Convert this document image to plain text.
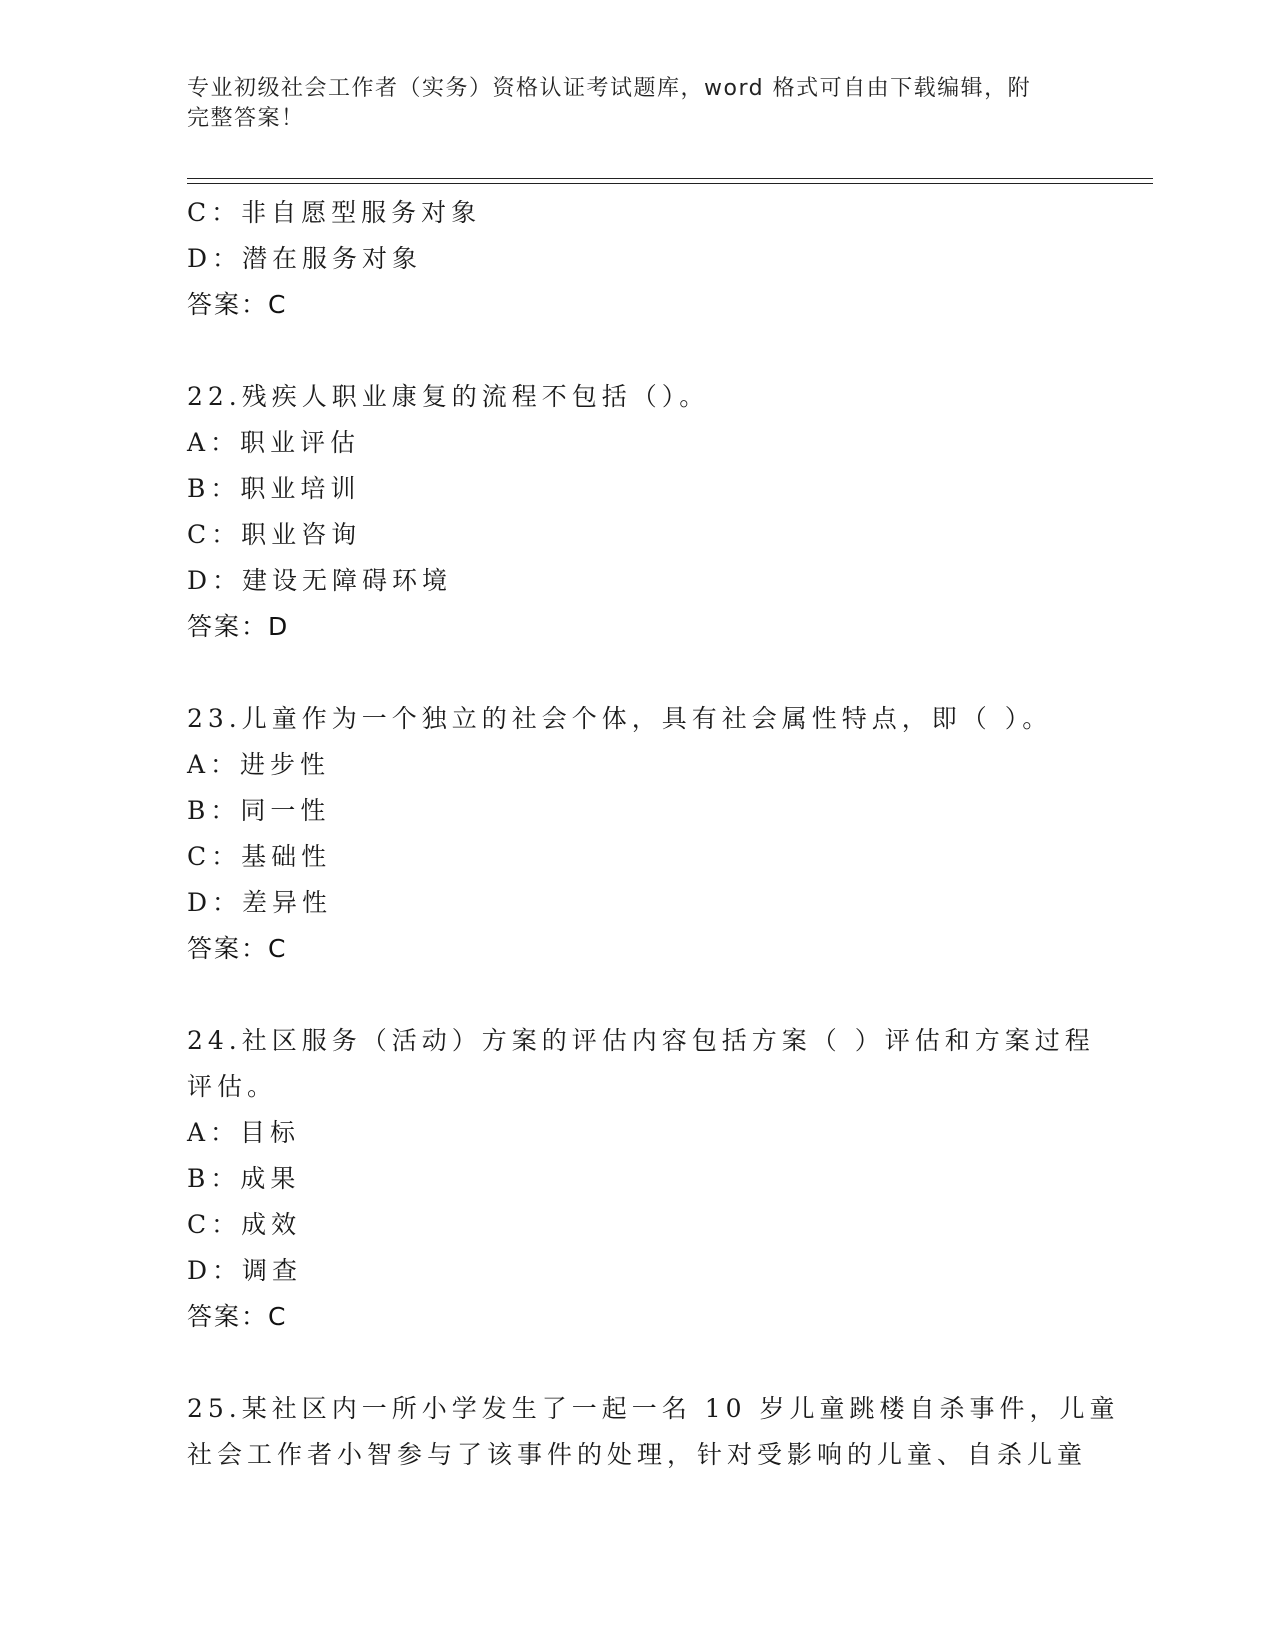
专业初级社会工作者（实务）资格认证考试题库，word 格式可自由下载编辑，附
完整答案！
C：非自愿型服务对象
D：潜在服务对象
答案：C
22.残疾人职业康复的流程不包括（）。
A：职业评估
B：职业培训
C：职业咨询
D：建设无障碍环境
答案：D
23.儿童作为一个独立的社会个体，具有社会属性特点，即（ ）。
A：进步性
B：同一性
C：基础性
D：差异性
答案：C
24.社区服务（活动）方案的评估内容包括方案（ ）评估和方案过程
评估。
A：目标
B：成果
C：成效
D：调查
答案：C
25.某社区内一所小学发生了一起一名 10 岁儿童跳楼自杀事件，儿童
社会工作者小智参与了该事件的处理，针对受影响的儿童、自杀儿童
